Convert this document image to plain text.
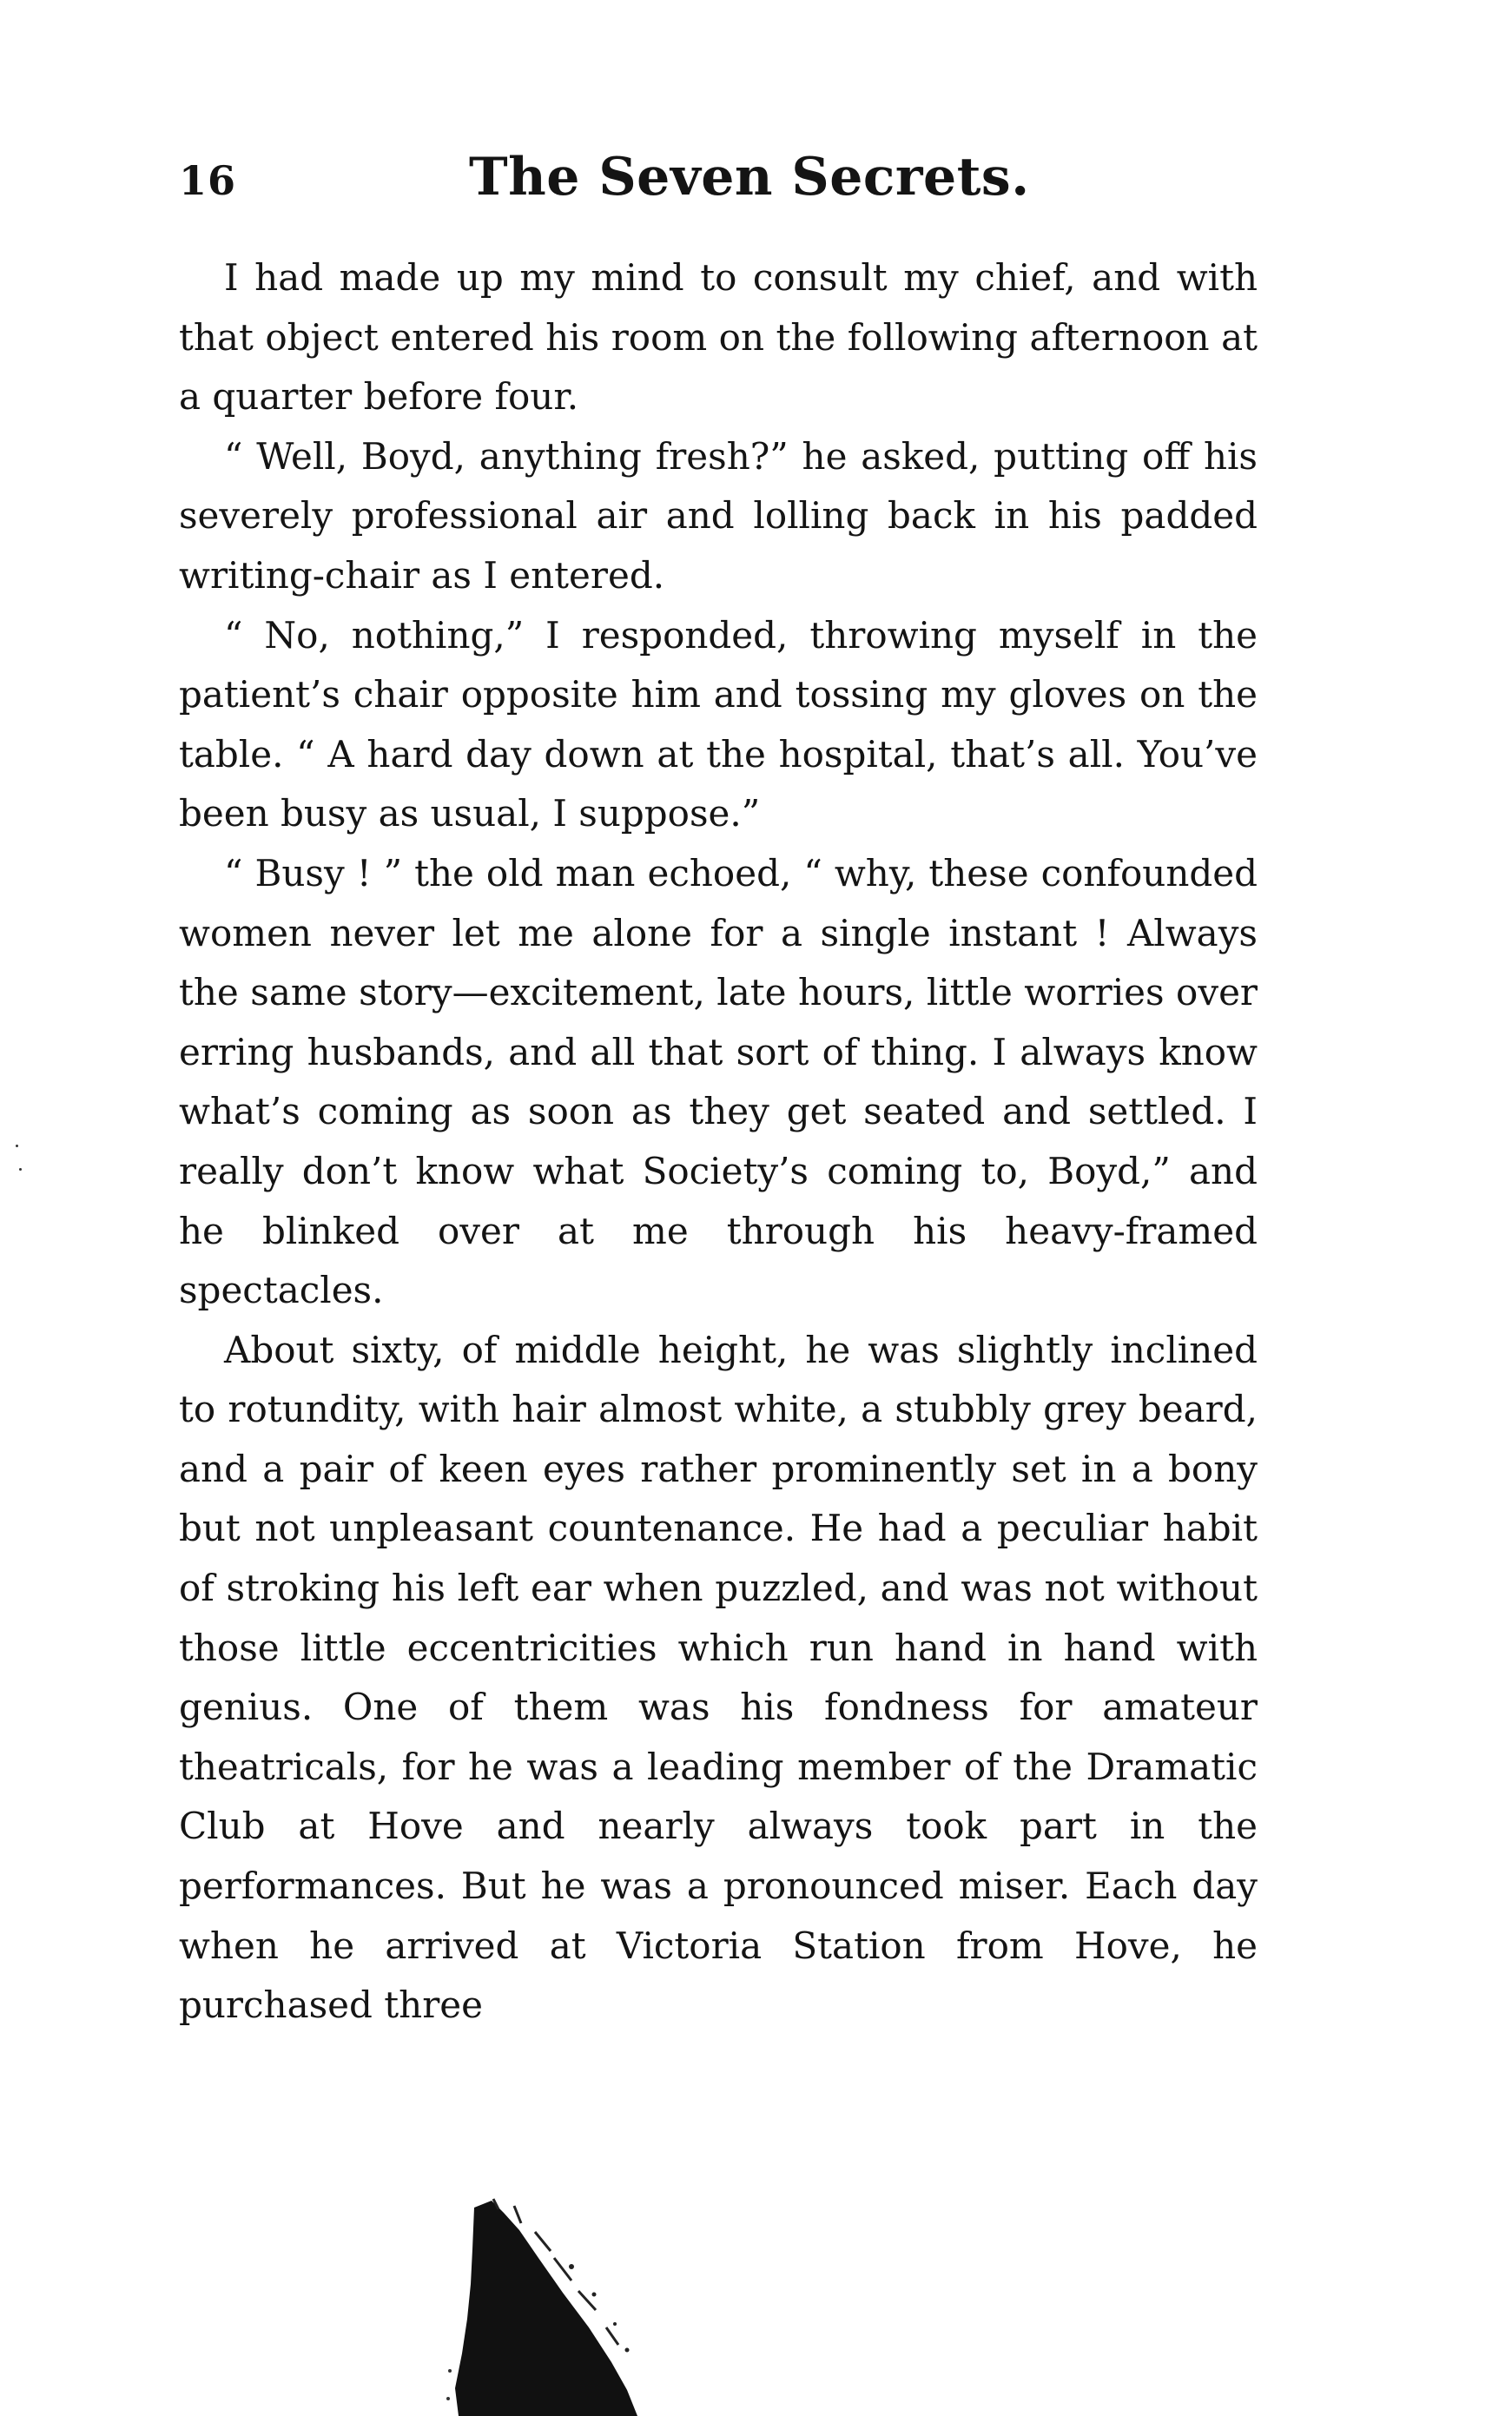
16	The Seven Secrets.

I had made up my mind to consult my chief, and with that object entered his room on the following afternoon at a quarter before four.

“ Well, Boyd, anything fresh?” he asked, putting off his severely professional air and lolling back in his padded writing-chair as I entered.

“ No, nothing,” I responded, throwing myself in the patient’s chair opposite him and tossing my gloves on the table. “ A hard day down at the hospital, that’s all. You’ve been busy as usual, I suppose.”

“ Busy ! ” the old man echoed, “ why, these confounded women never let me alone for a single instant ! Always the same story—excitement, late hours, little worries over erring husbands, and all that sort of thing. I always know what’s coming as soon as they get seated and settled. I really don’t know what Society’s coming to, Boyd,” and he blinked over at me through his heavy-framed spectacles.

About sixty, of middle height, he was slightly inclined to rotundity, with hair almost white, a stubbly grey beard, and a pair of keen eyes rather prominently set in a bony but not unpleasant countenance. He had a peculiar habit of stroking his left ear when puzzled, and was not without those little eccentricities which run hand in hand with genius. One of them was his fondness for amateur theatricals, for he was a leading member of the Dramatic Club at Hove and nearly always took part in the performances. But he was a pronounced miser. Each day when he arrived at Victoria Station from Hove, he purchased three
